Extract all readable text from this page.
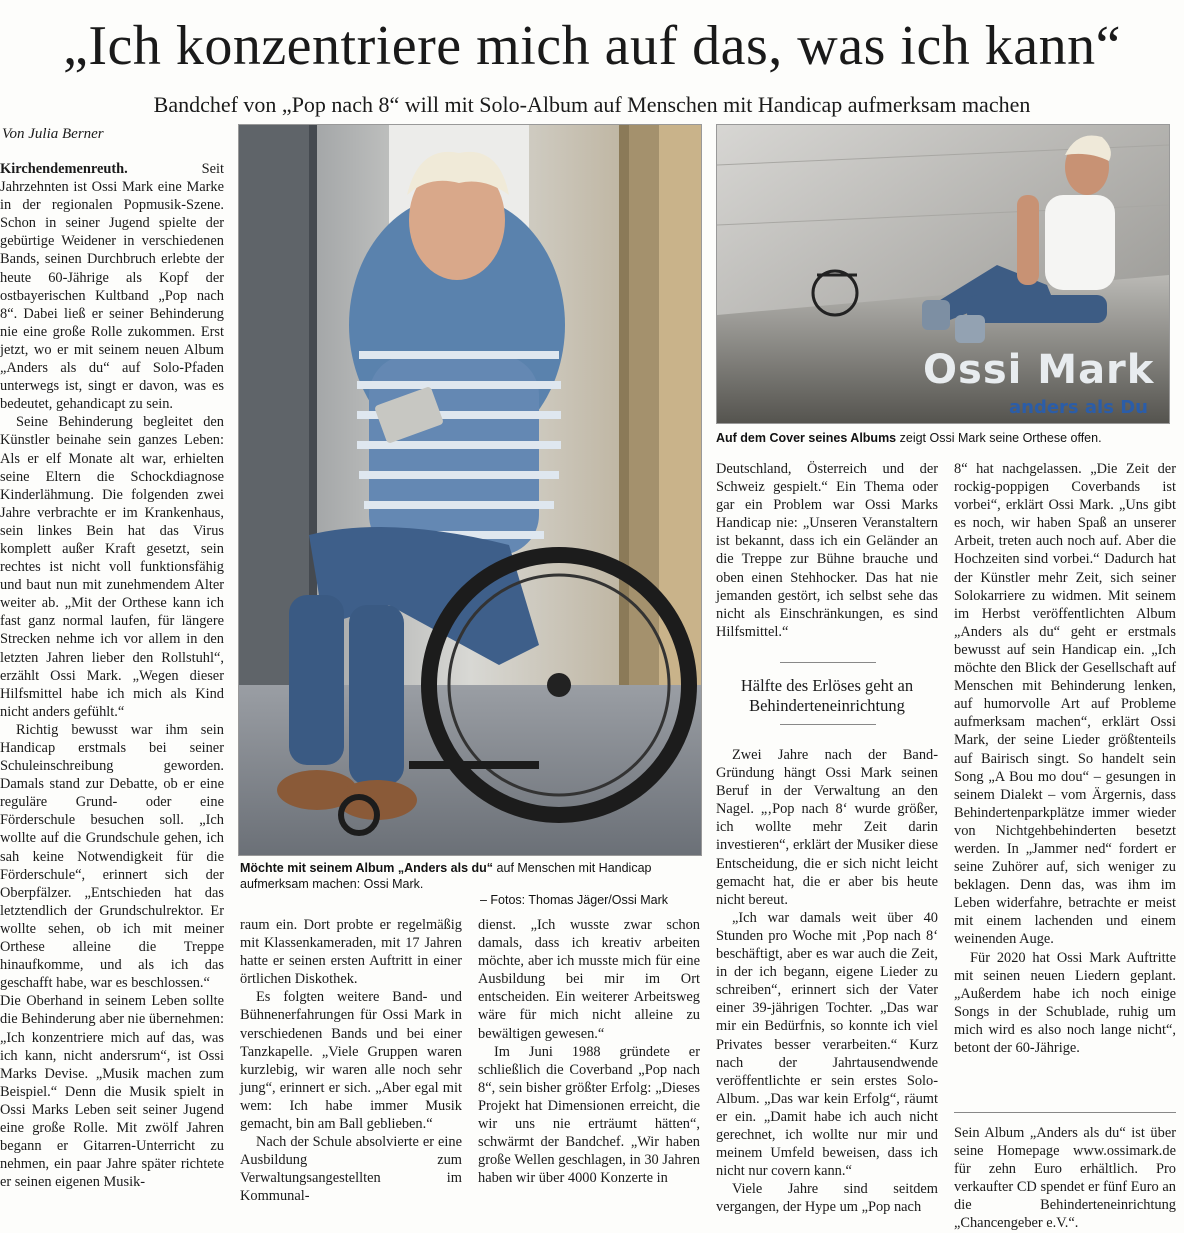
„Ich konzentriere mich auf das, was ich kann“
Bandchef von „Pop nach 8“ will mit Solo-Album auf Menschen mit Handicap aufmerksam machen
Von Julia Berner

Kirchendemenreuth.	Seit Jahrzehnten ist Ossi Mark eine Marke in der regionalen Popmusik-Szene. Schon in seiner Jugend spielte der gebürtige Weidener in verschiedenen Bands, seinen Durchbruch erlebte der heute 60-Jährige als Kopf der ostbayerischen Kultband „Pop nach 8“. Dabei ließ er seiner Behinderung nie eine große Rolle zukommen. Erst jetzt, wo er mit seinem neuen Album „Anders als du“ auf Solo-Pfaden unterwegs ist, singt er davon, was es bedeutet, gehandicapt zu sein.

Seine Behinderung begleitet den Künstler beinahe sein ganzes Leben: Als er elf Monate alt war, erhielten seine Eltern die Schockdiagnose Kinderlähmung. Die folgenden zwei Jahre verbrachte er im Krankenhaus, sein linkes Bein hat das Virus komplett außer Kraft gesetzt, sein rechtes ist nicht voll funktionsfähig und baut nun mit zunehmendem Alter weiter ab. „Mit der Orthese kann ich fast ganz normal laufen, für längere Strecken nehme ich vor allem in den letzten Jahren lieber den Rollstuhl“, erzählt Ossi Mark. „Wegen dieser Hilfsmittel habe ich mich als Kind nicht anders gefühlt.“

Richtig bewusst war ihm sein Handicap erstmals bei seiner Schuleinschreibung geworden. Damals stand zur Debatte, ob er eine reguläre Grund- oder eine Förderschule besuchen soll. „Ich wollte auf die Grundschule gehen, ich sah keine Notwendigkeit für die Förderschule“, erinnert sich der Oberpfälzer. „Entschieden hat das letztendlich der Grundschulrektor. Er wollte sehen, ob ich mit meiner Orthese alleine die Treppe hinaufkomme, und als ich das geschafft habe, war es beschlossen.“

Die Oberhand in seinem Leben sollte die Behinderung aber nie übernehmen: „Ich konzentriere mich auf das, was ich kann, nicht andersrum“, ist Ossi Marks Devise. „Musik machen zum Beispiel.“ Denn die Musik spielt in Ossi Marks Leben seit seiner Jugend eine große Rolle. Mit zwölf Jahren begann er Gitarren-Unterricht zu nehmen, ein paar Jahre später richtete er seinen eigenen Musik-

Möchte mit seinem Album „Anders als du“ auf Menschen mit Handicap aufmerksam machen: Ossi Mark.
– Fotos: Thomas Jäger/Ossi Mark
Ossi Mark
anders als Du
Auf dem Cover seines Albums zeigt Ossi Mark seine Orthese offen.

raum ein. Dort probte er regelmäßig mit Klassenkameraden, mit 17 Jahren hatte er seinen ersten Auftritt in einer örtlichen Diskothek.

Es folgten weitere Band- und Bühnenerfahrungen für Ossi Mark in verschiedenen Bands und bei einer Tanzkapelle. „Viele Gruppen waren kurzlebig, wir waren alle noch sehr jung“, erinnert er sich. „Aber egal mit wem: Ich habe immer Musik gemacht, bin am Ball geblieben.“

Nach der Schule absolvierte er eine Ausbildung zum Verwaltungsangestellten im Kommunal-

dienst. „Ich wusste zwar schon damals, dass ich kreativ arbeiten möchte, aber ich musste mich für eine Ausbildung bei mir im Ort entscheiden. Ein weiterer Arbeitsweg wäre für mich nicht alleine zu bewältigen gewesen.“

Im Juni 1988 gründete er schließlich die Coverband „Pop nach 8“, sein bisher größter Erfolg: „Dieses Projekt hat Dimensionen erreicht, die wir uns nie erträumt hätten“, schwärmt der Bandchef. „Wir haben große Wellen geschlagen, in 30 Jahren haben wir über 4000 Konzerte in

Deutschland, Österreich und der Schweiz gespielt.“ Ein Thema oder gar ein Problem war Ossi Marks Handicap nie: „Unseren Veranstaltern ist bekannt, dass ich ein Geländer an die Treppe zur Bühne brauche und oben einen Stehhocker. Das hat nie jemanden gestört, ich selbst sehe das nicht als Einschränkungen, es sind Hilfsmittel.“

Hälfte des Erlöses geht an Behinderteneinrichtung

Zwei Jahre nach der Band-Gründung hängt Ossi Mark seinen Beruf in der Verwaltung an den Nagel. „‚Pop nach 8‘ wurde größer, ich wollte mehr Zeit darin investieren“, erklärt der Musiker diese Entscheidung, die er sich nicht leicht gemacht hat, die er aber bis heute nicht bereut.

„Ich war damals weit über 40 Stunden pro Woche mit ‚Pop nach 8‘ beschäftigt, aber es war auch die Zeit, in der ich begann, eigene Lieder zu schreiben“, erinnert sich der Vater einer 39-jährigen Tochter. „Das war mir ein Bedürfnis, so konnte ich viel Privates besser verarbeiten.“ Kurz nach der Jahrtausendwende veröffentlichte er sein erstes Solo-Album. „Das war kein Erfolg“, räumt er ein. „Damit habe ich auch nicht gerechnet, ich wollte nur mir und meinem Umfeld beweisen, dass ich nicht nur covern kann.“

Viele Jahre sind seitdem vergangen, der Hype um „Pop nach

8“ hat nachgelassen. „Die Zeit der rockig-poppigen Coverbands ist vorbei“, erklärt Ossi Mark. „Uns gibt es noch, wir haben Spaß an unserer Arbeit, treten auch noch auf. Aber die Hochzeiten sind vorbei.“ Dadurch hat der Künstler mehr Zeit, sich seiner Solokarriere zu widmen. Mit seinem im Herbst veröffentlichten Album „Anders als du“ geht er erstmals bewusst auf sein Handicap ein. „Ich möchte den Blick der Gesellschaft auf Menschen mit Behinderung lenken, auf humorvolle Art auf Probleme aufmerksam machen“, erklärt Ossi Mark, der seine Lieder größtenteils auf Bairisch singt. So handelt sein Song „A Bou mo dou“ – gesungen in seinem Dialekt – vom Ärgernis, dass Behindertenparkplätze immer wieder von Nichtgehbehinderten besetzt werden. In „Jammer ned“ fordert er seine Zuhörer auf, sich weniger zu beklagen. Denn das, was ihm im Leben widerfahre, betrachte er meist mit einem lachenden und einem weinenden Auge.

Für 2020 hat Ossi Mark Auftritte mit seinen neuen Liedern geplant. „Außerdem habe ich noch einige Songs in der Schublade, ruhig um mich wird es also noch lange nicht“, betont der 60-Jährige.

Sein Album „Anders als du“ ist über seine Homepage www.ossimark.de für zehn Euro erhältlich. Pro verkaufter CD spendet er fünf Euro an die Behinderteneinrichtung „Chancengeber e.V.“.
